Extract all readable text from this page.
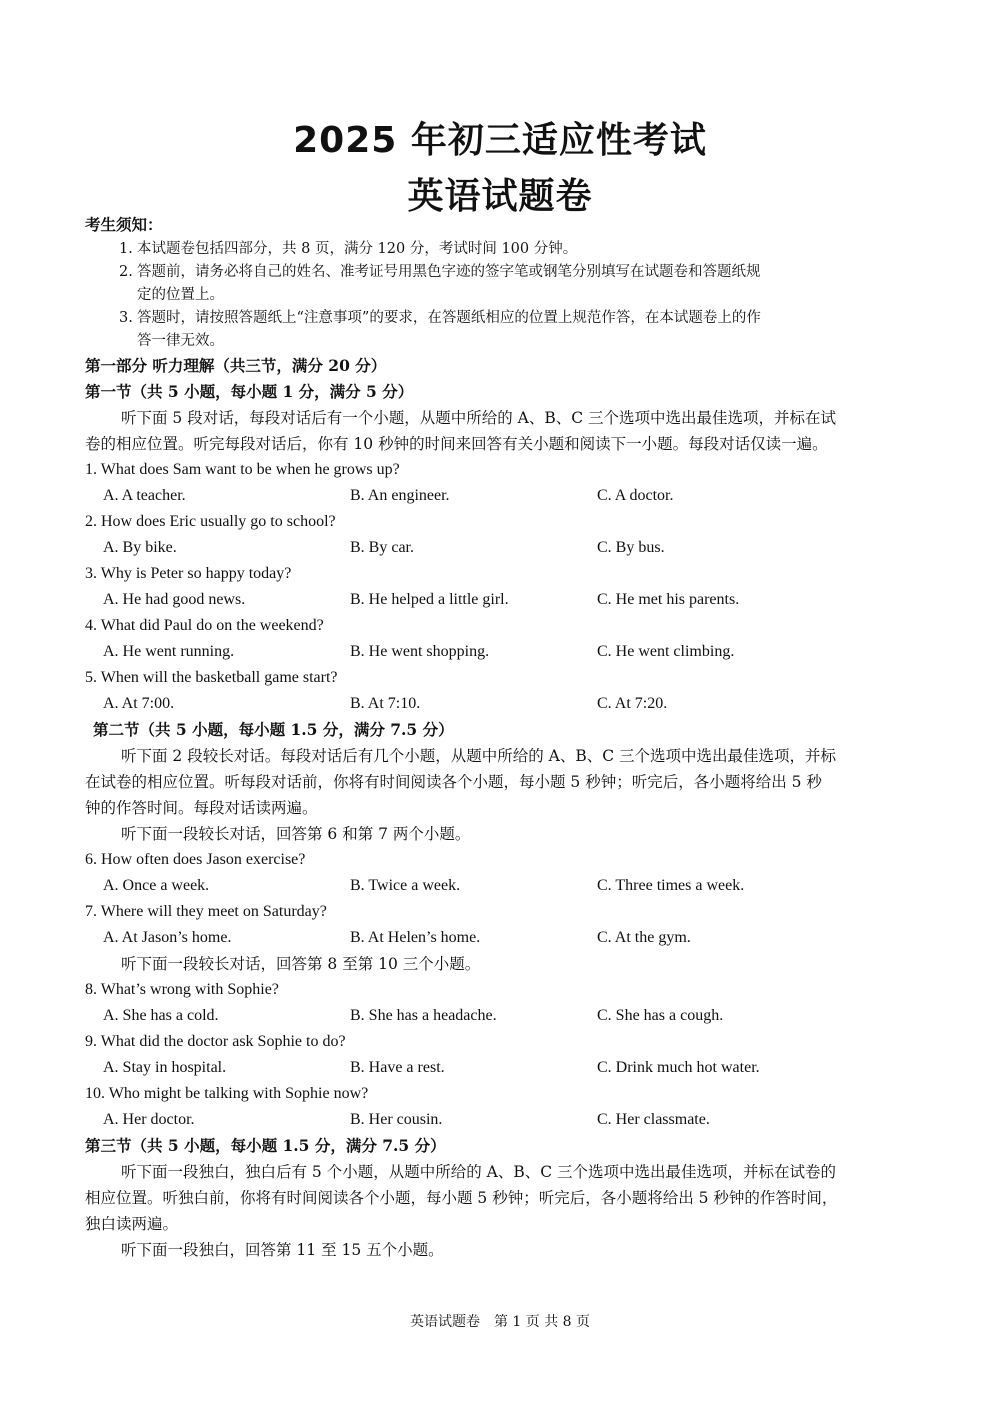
2025 年初三适应性考试
英语试题卷
考生须知：
1. 本试题卷包括四部分，共 8 页，满分 120 分，考试时间 100 分钟。
2. 答题前，请务必将自己的姓名、准考证号用黑色字迹的签字笔或钢笔分别填写在试题卷和答题纸规
定的位置上。
3. 答题时，请按照答题纸上“注意事项”的要求，在答题纸相应的位置上规范作答，在本试题卷上的作
答一律无效。
第一部分 听力理解（共三节，满分 20 分）
第一节（共 5 小题，每小题 1 分，满分 5 分）
听下面 5 段对话，每段对话后有一个小题，从题中所给的 A、B、C 三个选项中选出最佳选项，并标在试
卷的相应位置。听完每段对话后，你有 10 秒钟的时间来回答有关小题和阅读下一小题。每段对话仅读一遍。
1. What does Sam want to be when he grows up?
A. A teacher.	B. An engineer.	C. A doctor.
2. How does Eric usually go to school?
A. By bike.	B. By car.	C. By bus.
3. Why is Peter so happy today?
A. He had good news.	B. He helped a little girl.	C. He met his parents.
4. What did Paul do on the weekend?
A. He went running.	B. He went shopping.	C. He went climbing.
5. When will the basketball game start?
A. At 7:00.	B. At 7:10.	C. At 7:20.
第二节（共 5 小题，每小题 1.5 分，满分 7.5 分）
听下面 2 段较长对话。每段对话后有几个小题，从题中所给的 A、B、C 三个选项中选出最佳选项，并标
在试卷的相应位置。听每段对话前，你将有时间阅读各个小题，每小题 5 秒钟；听完后，各小题将给出 5 秒
钟的作答时间。每段对话读两遍。
听下面一段较长对话，回答第 6 和第 7 两个小题。
6. How often does Jason exercise?
A. Once a week.	B. Twice a week.	C. Three times a week.
7. Where will they meet on Saturday?
A. At Jason’s home.	B. At Helen’s home.	C. At the gym.
听下面一段较长对话，回答第 8 至第 10 三个小题。
8. What’s wrong with Sophie?
A. She has a cold.	B. She has a headache.	C. She has a cough.
9. What did the doctor ask Sophie to do?
A. Stay in hospital.	B. Have a rest.	C. Drink much hot water.
10. Who might be talking with Sophie now?
A. Her doctor.	B. Her cousin.	C. Her classmate.
第三节（共 5 小题，每小题 1.5 分，满分 7.5 分）
听下面一段独白，独白后有 5 个小题，从题中所给的 A、B、C 三个选项中选出最佳选项，并标在试卷的
相应位置。听独白前，你将有时间阅读各个小题，每小题 5 秒钟；听完后，各小题将给出 5 秒钟的作答时间，
独白读两遍。
听下面一段独白，回答第 11 至 15 五个小题。
英语试题卷　第 1 页 共 8 页
